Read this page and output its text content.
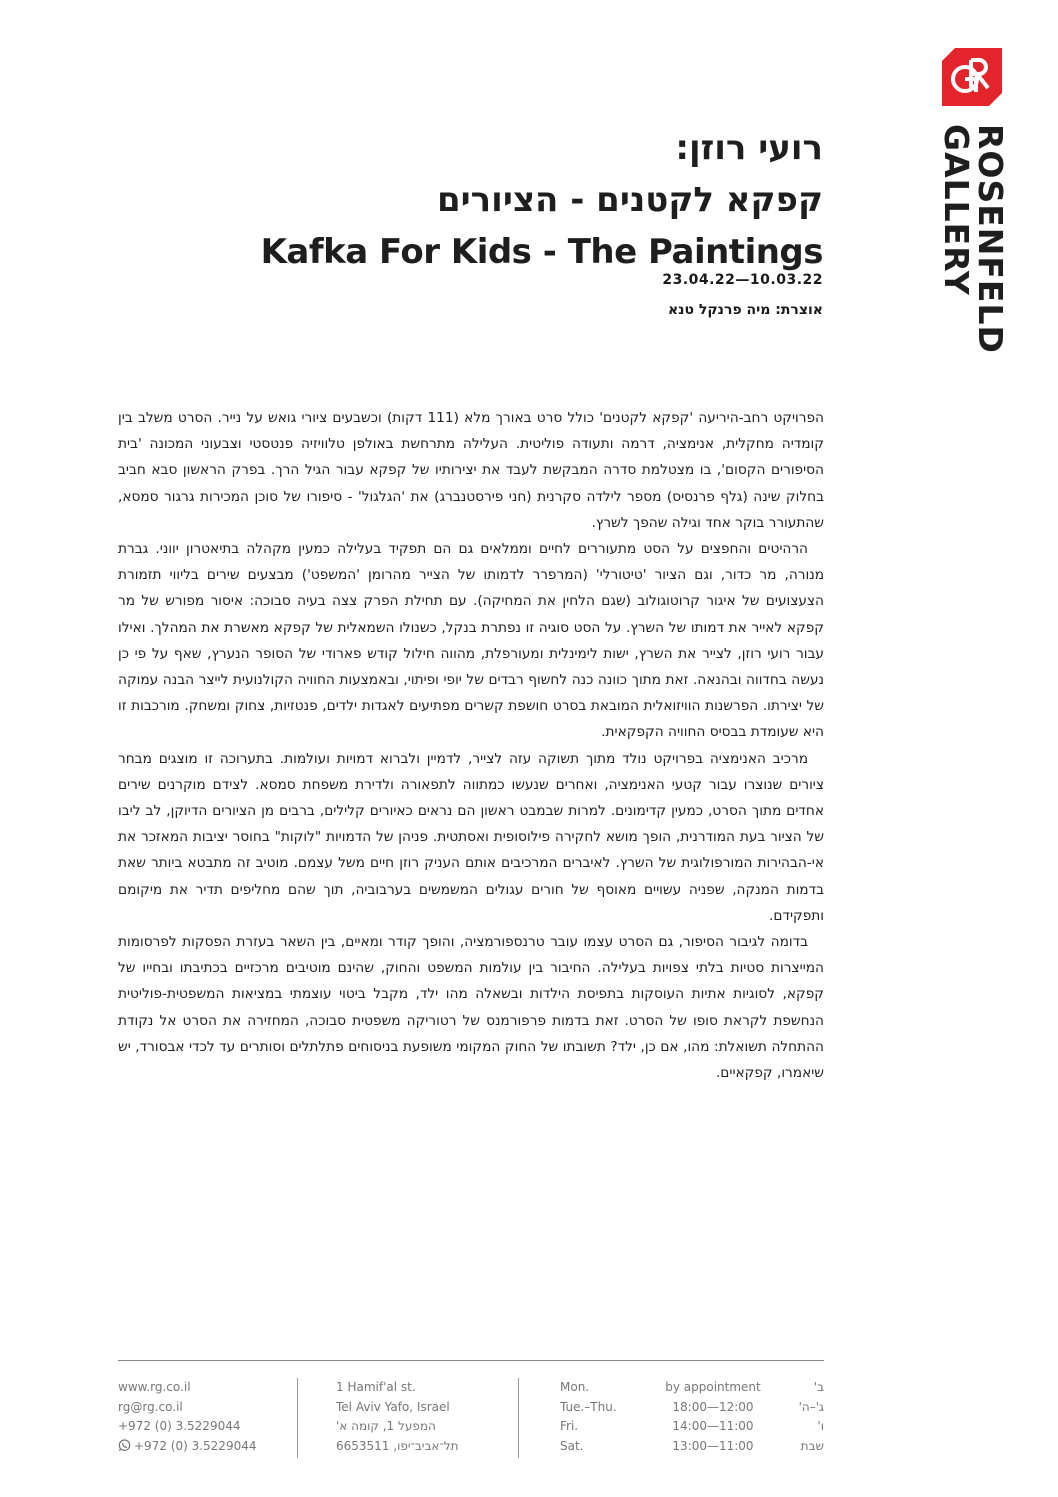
ROSENFELD
GALLERY
רועי רוזן:
קפקא לקטנים - הציורים
Kafka For Kids - The Paintings
23.04.22—10.03.22
אוצרת: מיה פרנקל טנא

הפרויקט רחב-היריעה 'קפקא לקטנים' כולל סרט באורך מלא (111 דקות) וכשבעים ציורי גואש על נייר. הסרט משלב בין קומדיה מחקלית, אנימציה, דרמה ותעודה פוליטית. העלילה מתרחשת באולפן טלוויזיה פנטסטי וצבעוני המכונה 'בית הסיפורים הקסום', בו מצטלמת סדרה המבקשת לעבד את יצירותיו של קפקא עבור הגיל הרך. בפרק הראשון סבא חביב בחלוק שינה (גלף פרנסיס) מספר לילדה סקרנית (חני פירסטנברג) את 'הגלגול' - סיפורו של סוכן המכירות גרגור סמסא, שהתעורר בוקר אחד וגילה שהפך לשרץ.

הרהיטים והחפצים על הסט מתעוררים לחיים וממלאים גם הם תפקיד בעלילה כמעין מקהלה בתיאטרון יווני. גברת מנורה, מר כדור, וגם הציור 'טיטורלי' (המרפרר לדמותו של הצייר מהרומן 'המשפט') מבצעים שירים בליווי תזמורת הצעצועים של איגור קרוטוגולוב (שגם הלחין את המחיקה). עם תחילת הפרק צצה בעיה סבוכה: איסור מפורש של מר קפקא לאייר את דמותו של השרץ. על הסט סוגיה זו נפתרת בנקל, כשנולו השמאלית של קפקא מאשרת את המהלך. ואילו עבור רועי רוזן, לצייר את השרץ, ישות לימינלית ומעורפלת, מהווה חילול קודש פארודי של הסופר הנערץ, שאף על פי כן נעשה בחדווה ובהנאה. זאת מתוך כוונה כנה לחשוף רבדים של יופי ופיתוי, ובאמצעות החוויה הקולנועית לייצר הבנה עמוקה של יצירתו. הפרשנות הוויזואלית המובאת בסרט חושפת קשרים מפתיעים לאגדות ילדים, פנטזיות, צחוק ומשחק. מורכבות זו היא שעומדת בבסיס החוויה הקפקאית.

מרכיב האנימציה בפרויקט נולד מתוך תשוקה עזה לצייר, לדמיין ולברוא דמויות ועולמות. בתערוכה זו מוצגים מבחר ציורים שנוצרו עבור קטעי האנימציה, ואחרים שנעשו כמתווה לתפאורה ולדירת משפחת סמסא. לצידם מוקרנים שירים אחדים מתוך הסרט, כמעין קדימונים. למרות שבמבט ראשון הם נראים כאיורים קלילים, ברבים מן הציורים הדיוקן, לב ליבו של הציור בעת המודרנית, הופך מושא לחקירה פילוסופית ואסתטית. פניהן של הדמויות "לוקות" בחוסר יציבות המאזכר את אי-הבהירות המורפולוגית של השרץ. לאיברים המרכיבים אותם העניק רוזן חיים משל עצמם. מוטיב זה מתבטא ביותר שאת בדמות המנקה, שפניה עשויים מאוסף של חורים עגולים המשמשים בערבוביה, תוך שהם מחליפים תדיר את מיקומם ותפקידם.

בדומה לגיבור הסיפור, גם הסרט עצמו עובר טרנספורמציה, והופך קודר ומאיים, בין השאר בעזרת הפסקות לפרסומות המייצרות סטיות בלתי צפויות בעלילה. החיבור בין עולמות המשפט והחוק, שהינם מוטיבים מרכזיים בכתיבתו ובחייו של קפקא, לסוגיות אתיות העוסקות בתפיסת הילדות ובשאלה מהו ילד, מקבל ביטוי עוצמתי במציאות המשפטית-פוליטית הנחשפת לקראת סופו של הסרט. זאת בדמות פרפורמנס של רטוריקה משפטית סבוכה, המחזירה את הסרט אל נקודת ההתחלה תשואלת: מהו, אם כן, ילד? תשובתו של החוק המקומי משופעת בניסוחים פתלתלים וסותרים עד לכדי אבסורד, יש שיאמרו, קפקאיים.

www.rg.co.il
rg@rg.co.il
+972 (0) 3.5229044
+972 (0) 3.5229044
1 Hamif'al st.
Tel Aviv Yafo, Israel
המפעל 1, קומה א'
תל־אביב־יפו, 6653511
Mon.	by appointment	ב'
Tue.–Thu.	18:00—12:00	ג'–ה'
Fri.	14:00—11:00	ו'
Sat.	13:00—11:00	שבת
